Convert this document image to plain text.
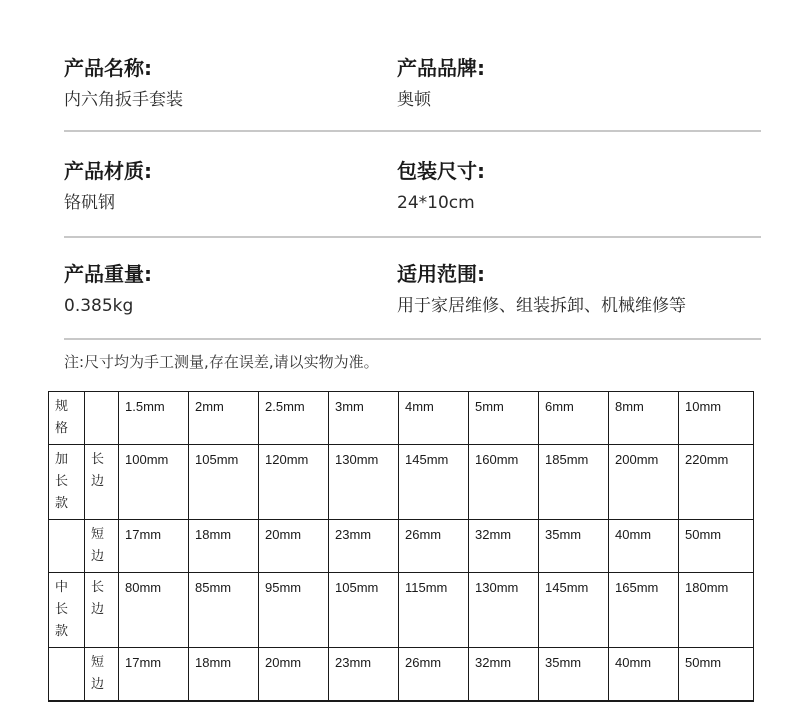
产品名称:
内六角扳手套装
产品品牌:
奥顿
产品材质:
铬矾钢
包装尺寸:
24*10cm
产品重量:
0.385kg
适用范围:
用于家居维修、组装拆卸、机械维修等
注:尺寸均为手工测量,存在误差,请以实物为准。
规格		1.5mm	2mm	2.5mm	3mm	4mm	5mm	6mm	8mm	10mm

加长款	长边	100mm	105mm	120mm	130mm	145mm	160mm	185mm	200mm	220mm

	短边	17mm	18mm	20mm	23mm	26mm	32mm	35mm	40mm	50mm

中长款	长边	80mm	85mm	95mm	105mm	115mm	130mm	145mm	165mm	180mm

	短边	17mm	18mm	20mm	23mm	26mm	32mm	35mm	40mm	50mm
